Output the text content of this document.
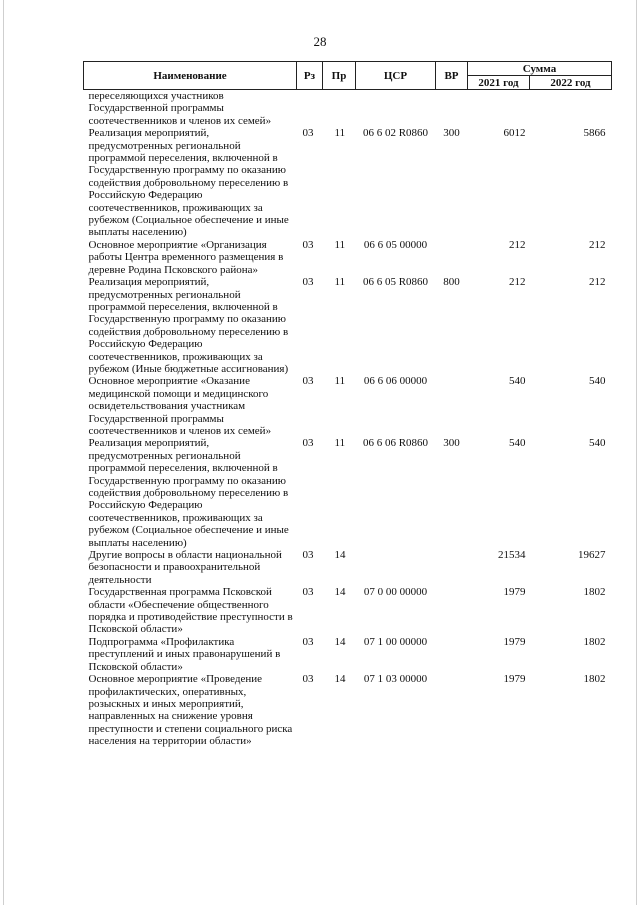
28
Наименование	Рз	Пр	ЦСР	ВР	Сумма	
					2021 год	2022 год
переселяющихся участников Государственной программы соотечественников и членов их семей»						
Реализация мероприятий, предусмотренных региональной программой переселения, включенной в Государственную программу по оказанию содействия добровольному переселению в Российскую Федерацию соотечественников, проживающих за рубежом (Социальное обеспечение и иные выплаты населению)	03	11	06 6 02 R0860	300	6012	5866
Основное мероприятие «Организация работы Центра временного размещения в деревне Родина Псковского района»	03	11	06 6 05 00000		212	212
Реализация мероприятий, предусмотренных региональной программой переселения, включенной в Государственную программу по оказанию содействия добровольному переселению в Российскую Федерацию соотечественников, проживающих за рубежом (Иные бюджетные ассигнования)	03	11	06 6 05 R0860	800	212	212
Основное мероприятие «Оказание медицинской помощи и медицинского освидетельствования участникам Государственной программы соотечественников и членов их семей»	03	11	06 6 06 00000		540	540
Реализация мероприятий, предусмотренных региональной программой переселения, включенной в Государственную программу по оказанию содействия добровольному переселению в Российскую Федерацию соотечественников, проживающих за рубежом (Социальное обеспечение и иные выплаты населению)	03	11	06 6 06 R0860	300	540	540
Другие вопросы в области национальной безопасности и правоохранительной деятельности	03	14			21534	19627
Государственная программа Псковской области «Обеспечение общественного порядка и противодействие преступности в Псковской области»	03	14	07 0 00 00000		1979	1802
Подпрограмма «Профилактика преступлений и иных правонарушений в Псковской области»	03	14	07 1 00 00000		1979	1802
Основное мероприятие «Проведение профилактических, оперативных, розыскных и иных мероприятий, направленных на снижение уровня преступности и степени социального риска населения на территории области»	03	14	07 1 03 00000		1979	1802
